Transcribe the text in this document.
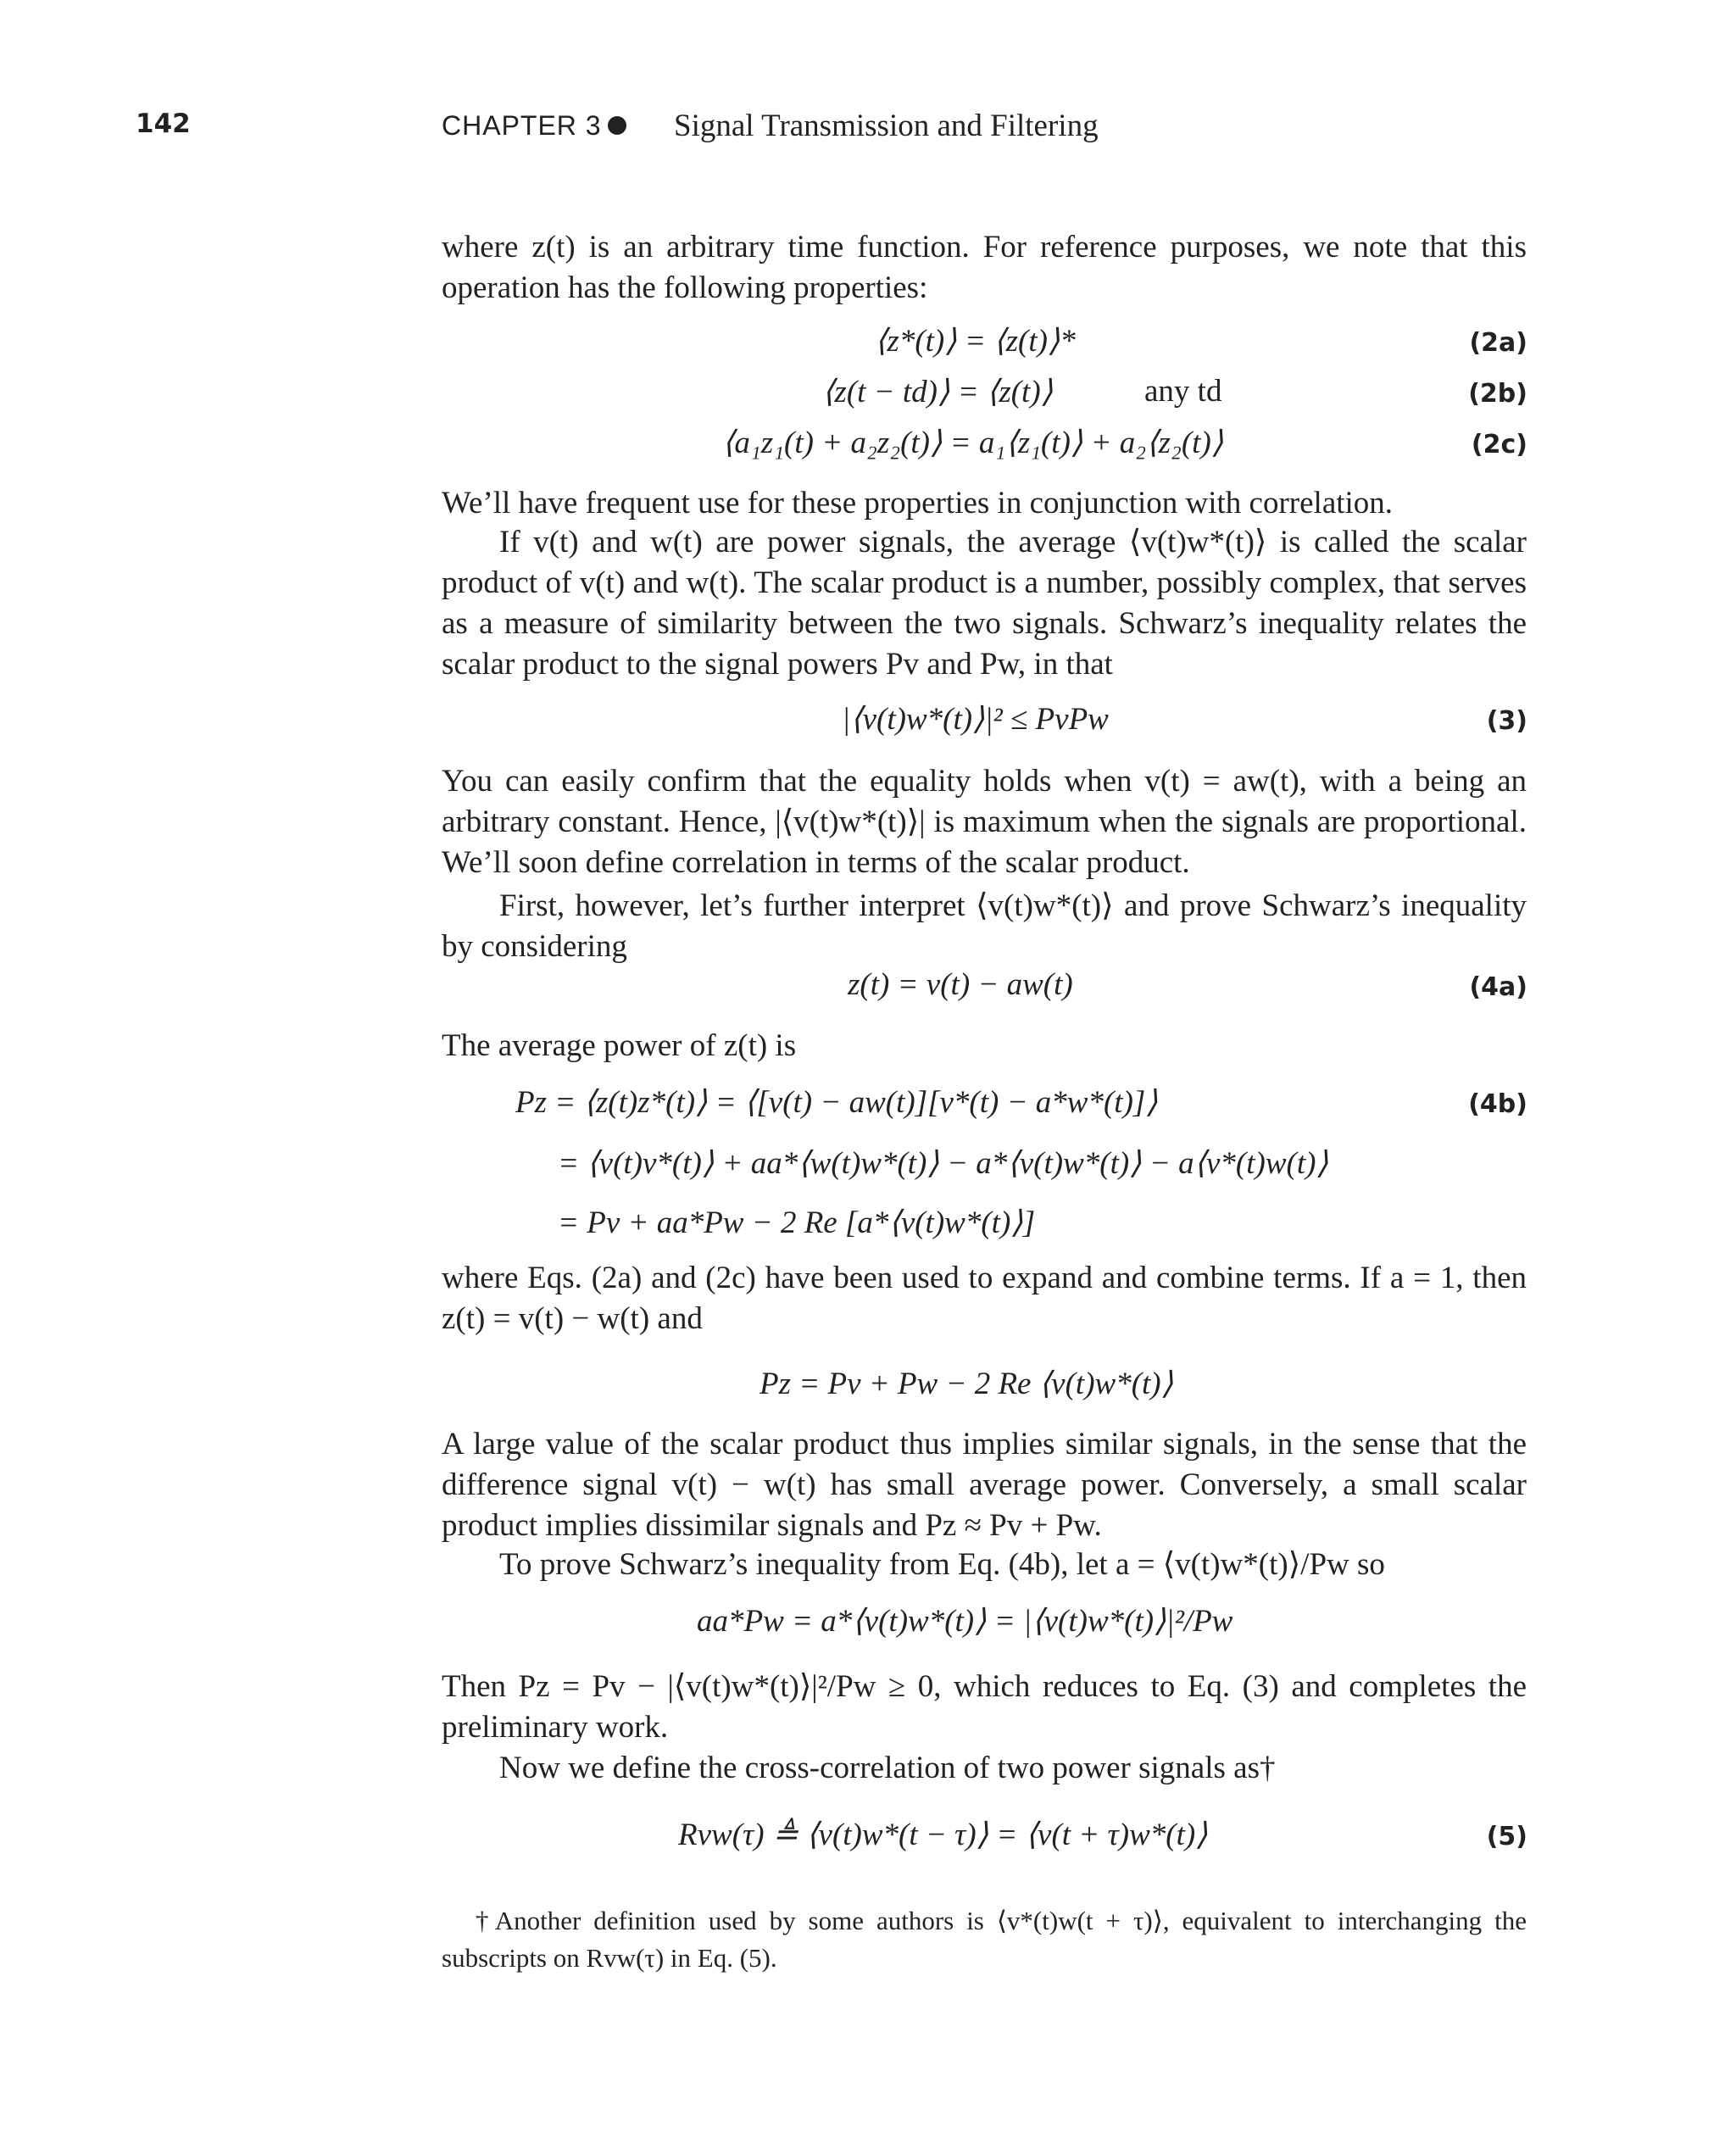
142	CHAPTER 3 Signal Transmission and Filtering
where z(t) is an arbitrary time function. For reference purposes, we note that this operation has the following properties:
⟨z*(t)⟩ = ⟨z(t)⟩*	(2a)
⟨z(t − td)⟩ = ⟨z(t)⟩	any td	(2b)
⟨a₁z₁(t) + a₂z₂(t)⟩ = a₁⟨z₁(t)⟩ + a₂⟨z₂(t)⟩	(2c)
We’ll have frequent use for these properties in conjunction with correlation.
If v(t) and w(t) are power signals, the average ⟨v(t)w*(t)⟩ is called the scalar product of v(t) and w(t). The scalar product is a number, possibly complex, that serves as a measure of similarity between the two signals. Schwarz’s inequality relates the scalar product to the signal powers Pv and Pw, in that
|⟨v(t)w*(t)⟩|² ≤ PvPw	(3)
You can easily confirm that the equality holds when v(t) = aw(t), with a being an arbitrary constant. Hence, |⟨v(t)w*(t)⟩| is maximum when the signals are proportional. We’ll soon define correlation in terms of the scalar product.
First, however, let’s further interpret ⟨v(t)w*(t)⟩ and prove Schwarz’s inequality by considering
z(t) = v(t) − aw(t)	(4a)
The average power of z(t) is
Pz = ⟨z(t)z*(t)⟩ = ⟨[v(t) − aw(t)][v*(t) − a*w*(t)]⟩	(4b)
= ⟨v(t)v*(t)⟩ + aa*⟨w(t)w*(t)⟩ − a*⟨v(t)w*(t)⟩ − a⟨v*(t)w(t)⟩
= Pv + aa*Pw − 2 Re [a*⟨v(t)w*(t)⟩]
where Eqs. (2a) and (2c) have been used to expand and combine terms. If a = 1, then z(t) = v(t) − w(t) and
Pz = Pv + Pw − 2 Re ⟨v(t)w*(t)⟩
A large value of the scalar product thus implies similar signals, in the sense that the difference signal v(t) − w(t) has small average power. Conversely, a small scalar product implies dissimilar signals and Pz ≈ Pv + Pw.
To prove Schwarz’s inequality from Eq. (4b), let a = ⟨v(t)w*(t)⟩/Pw so
aa*Pw = a*⟨v(t)w*(t)⟩ = |⟨v(t)w*(t)⟩|²/Pw
Then Pz = Pv − |⟨v(t)w*(t)⟩|²/Pw ≥ 0, which reduces to Eq. (3) and completes the preliminary work.
Now we define the cross-correlation of two power signals as†
Rvw(τ) ≜ ⟨v(t)w*(t − τ)⟩ = ⟨v(t + τ)w*(t)⟩	(5)
†Another definition used by some authors is ⟨v*(t)w(t + τ)⟩, equivalent to interchanging the subscripts on Rvw(τ) in Eq. (5).
